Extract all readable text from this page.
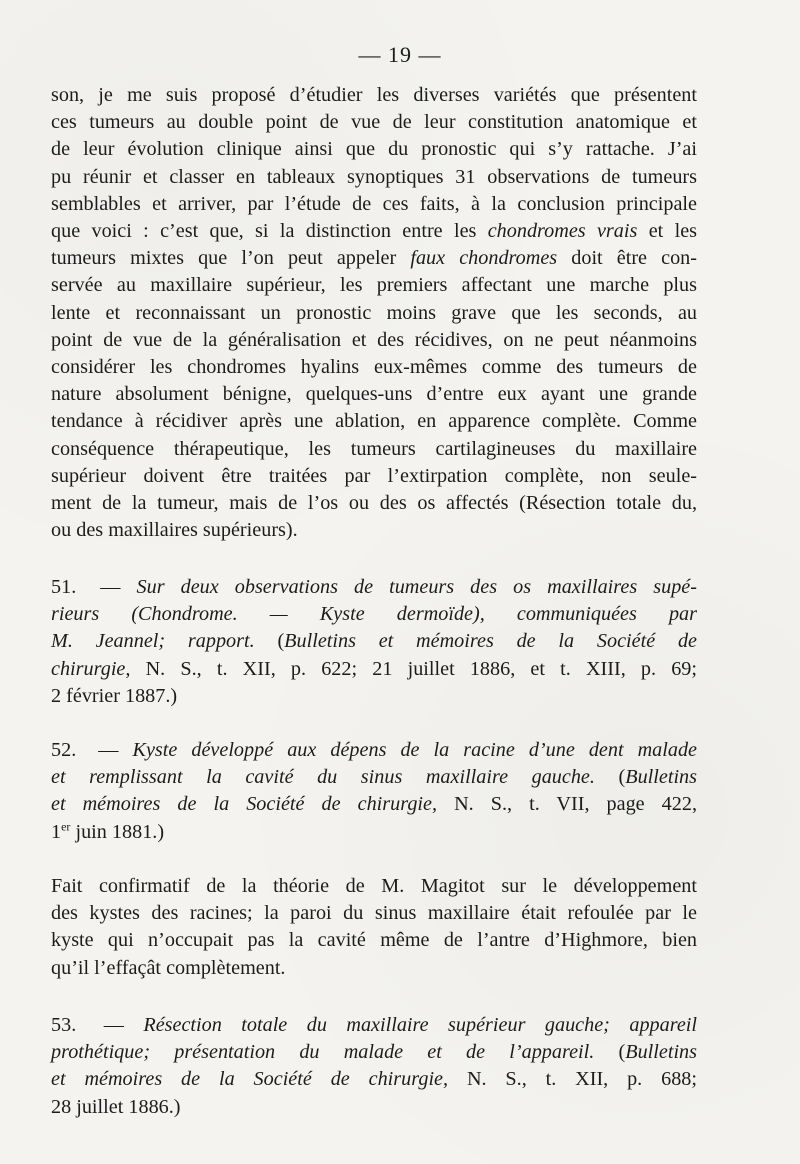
— 19 —
son, je me suis proposé d’étudier les diverses variétés que présentent
ces tumeurs au double point de vue de leur constitution anatomique et
de leur évolution clinique ainsi que du pronostic qui s’y rattache. J’ai
pu réunir et classer en tableaux synoptiques 31 observations de tumeurs
semblables et arriver, par l’étude de ces faits, à la conclusion principale
que voici : c’est que, si la distinction entre les chondromes vrais et les
tumeurs mixtes que l’on peut appeler faux chondromes doit être con-
servée au maxillaire supérieur, les premiers affectant une marche plus
lente et reconnaissant un pronostic moins grave que les seconds, au
point de vue de la généralisation et des récidives, on ne peut néanmoins
considérer les chondromes hyalins eux-mêmes comme des tumeurs de
nature absolument bénigne, quelques-uns d’entre eux ayant une grande
tendance à récidiver après une ablation, en apparence complète. Comme
conséquence thérapeutique, les tumeurs cartilagineuses du maxillaire
supérieur doivent être traitées par l’extirpation complète, non seule-
ment de la tumeur, mais de l’os ou des os affectés (Résection totale du,
ou des maxillaires supérieurs).
51. — Sur deux observations de tumeurs des os maxillaires supé-
rieurs (Chondrome. — Kyste dermoïde), communiquées par
M. Jeannel; rapport. (Bulletins et mémoires de la Société de
chirurgie, N. S., t. XII, p. 622; 21 juillet 1886, et t. XIII, p. 69;
2 février 1887.)
52. — Kyste développé aux dépens de la racine d’une dent malade
et remplissant la cavité du sinus maxillaire gauche. (Bulletins
et mémoires de la Société de chirurgie, N. S., t. VII, page 422,
1er juin 1881.)
Fait confirmatif de la théorie de M. Magitot sur le développement
des kystes des racines; la paroi du sinus maxillaire était refoulée par le
kyste qui n’occupait pas la cavité même de l’antre d’Highmore, bien
qu’il l’effaçât complètement.
53. — Résection totale du maxillaire supérieur gauche; appareil
prothétique; présentation du malade et de l’appareil. (Bulletins
et mémoires de la Société de chirurgie, N. S., t. XII, p. 688;
28 juillet 1886.)
